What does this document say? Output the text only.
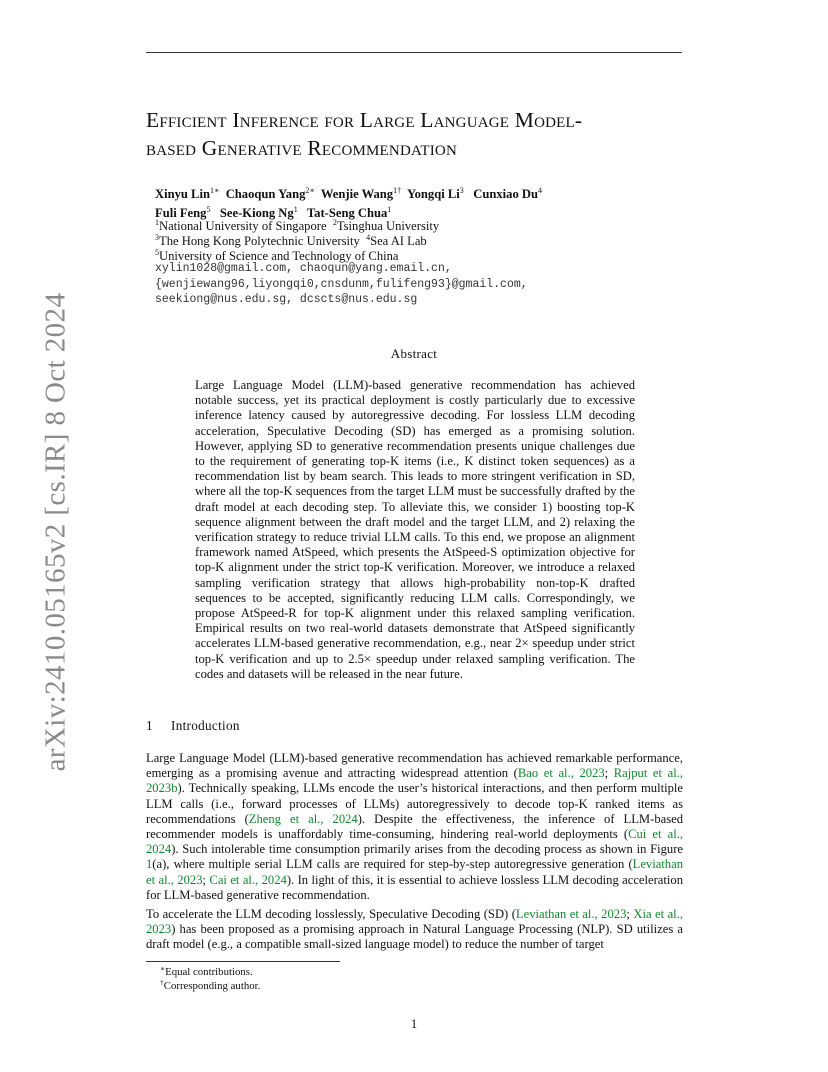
arXiv:2410.05165v2 [cs.IR] 8 Oct 2024
Efficient Inference for Large Language Model-
based Generative Recommendation
Xinyu Lin$^{1∗}$ Chaoqun Yang$^{2∗}$ Wenjie Wang$^{1\dagger}$ Yongqi Li$^3$ Cunxiao Du$^4$
Fuli Feng$^5$ See-Kiong Ng$^1$ Tat-Seng Chua$^1$
$^1$National University of Singapore $^2$Tsinghua University
$^3$The Hong Kong Polytechnic University $^4$Sea AI Lab
$^5$University of Science and Technology of China
xylin1028@gmail.com, chaoqun@yang.email.cn,
{wenjiewang96,liyongqi0,cnsdunm,fulifeng93}@gmail.com,
seekiong@nus.edu.sg, dcscts@nus.edu.sg
Abstract
Large Language Model (LLM)-based generative recommendation has achieved notable success, yet its practical deployment is costly particularly due to excessive inference latency caused by autoregressive decoding. For lossless LLM decoding acceleration, Speculative Decoding (SD) has emerged as a promising solution. However, applying SD to generative recommendation presents unique challenges due to the requirement of generating top-K items (i.e., K distinct token sequences) as a recommendation list by beam search. This leads to more stringent verification in SD, where all the top-K sequences from the target LLM must be successfully drafted by the draft model at each decoding step. To alleviate this, we consider 1) boosting top-K sequence alignment between the draft model and the target LLM, and 2) relaxing the verification strategy to reduce trivial LLM calls. To this end, we propose an alignment framework named AtSpeed, which presents the AtSpeed-S optimization objective for top-K alignment under the strict top-K verification. Moreover, we introduce a relaxed sampling verification strategy that allows high-probability non-top-K drafted sequences to be accepted, significantly reducing LLM calls. Correspondingly, we propose AtSpeed-R for top-K alignment under this relaxed sampling verification. Empirical results on two real-world datasets demonstrate that AtSpeed significantly accelerates LLM-based generative recommendation, e.g., near 2× speedup under strict top-K verification and up to 2.5× speedup under relaxed sampling verification. The codes and datasets will be released in the near future.
1 Introduction
Large Language Model (LLM)-based generative recommendation has achieved remarkable performance, emerging as a promising avenue and attracting widespread attention (Bao et al., 2023; Rajput et al., 2023b). Technically speaking, LLMs encode the user’s historical interactions, and then perform multiple LLM calls (i.e., forward processes of LLMs) autoregressively to decode top-K ranked items as recommendations (Zheng et al., 2024). Despite the effectiveness, the inference of LLM-based recommender models is unaffordably time-consuming, hindering real-world deployments (Cui et al., 2024). Such intolerable time consumption primarily arises from the decoding process as shown in Figure 1(a), where multiple serial LLM calls are required for step-by-step autoregressive generation (Leviathan et al., 2023; Cai et al., 2024). In light of this, it is essential to achieve lossless LLM decoding acceleration for LLM-based generative recommendation.
To accelerate the LLM decoding losslessly, Speculative Decoding (SD) (Leviathan et al., 2023; Xia et al., 2023) has been proposed as a promising approach in Natural Language Processing (NLP). SD utilizes a draft model (e.g., a compatible small-sized language model) to reduce the number of target
∗Equal contributions.
†Corresponding author.
1
